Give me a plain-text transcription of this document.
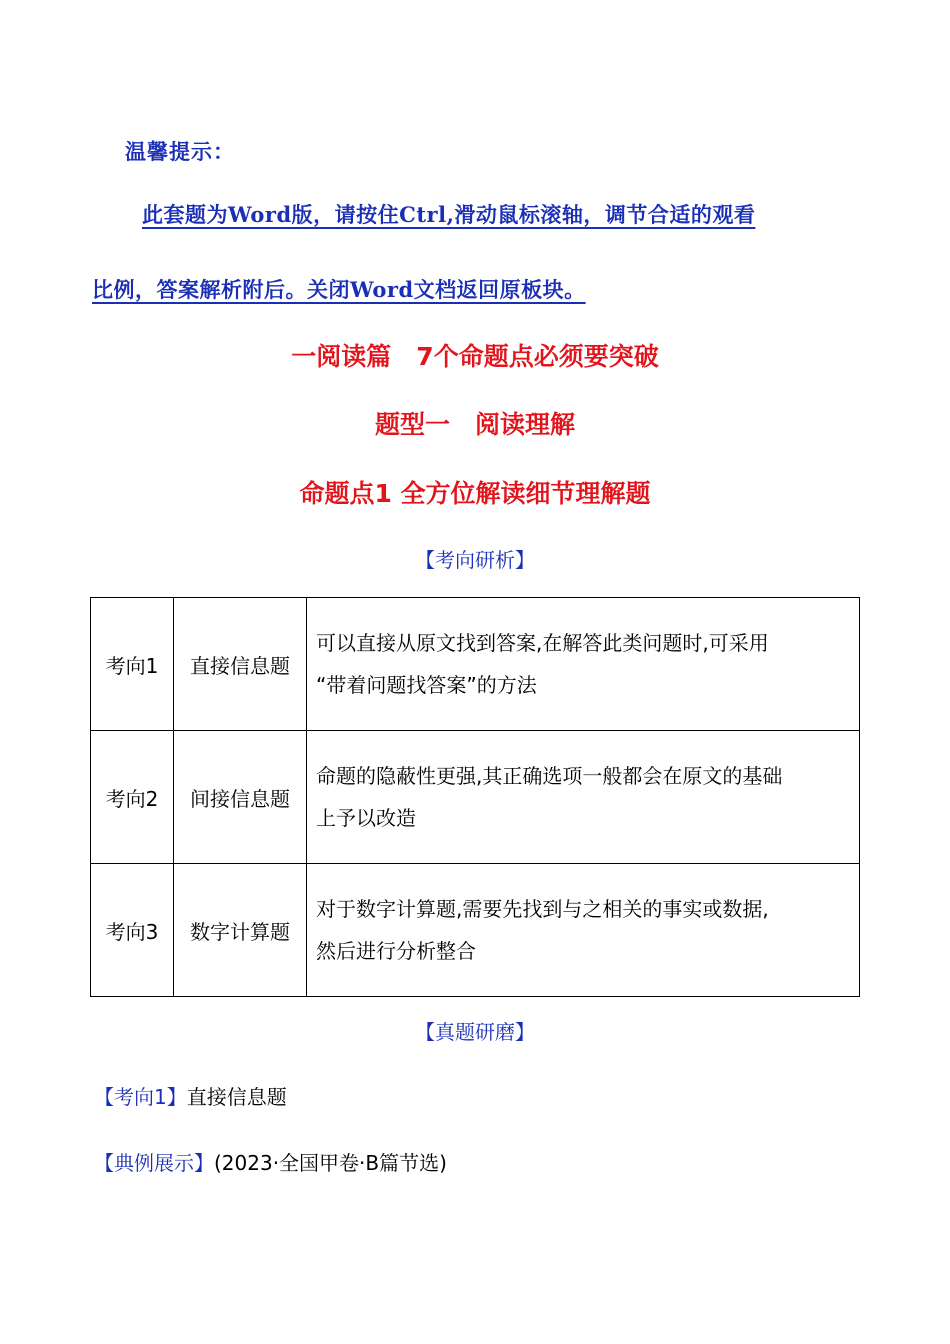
温馨提示：
此套题为Word版，请按住Ctrl,滑动鼠标滚轴，调节合适的观看
比例，答案解析附后。关闭Word文档返回原板块。
一阅读篇　7个命题点必须要突破
题型一　阅读理解
命题点1 全方位解读细节理解题
【考向研析】
考向1	直接信息题	可以直接从原文找到答案,在解答此类问题时,可采用
“带着问题找答案”的方法

考向2	间接信息题	命题的隐蔽性更强,其正确选项一般都会在原文的基础
上予以改造

考向3	数字计算题	对于数字计算题,需要先找到与之相关的事实或数据,
然后进行分析整合
【真题研磨】
【考向1】直接信息题
【典例展示】(2023·全国甲卷·B篇节选)
